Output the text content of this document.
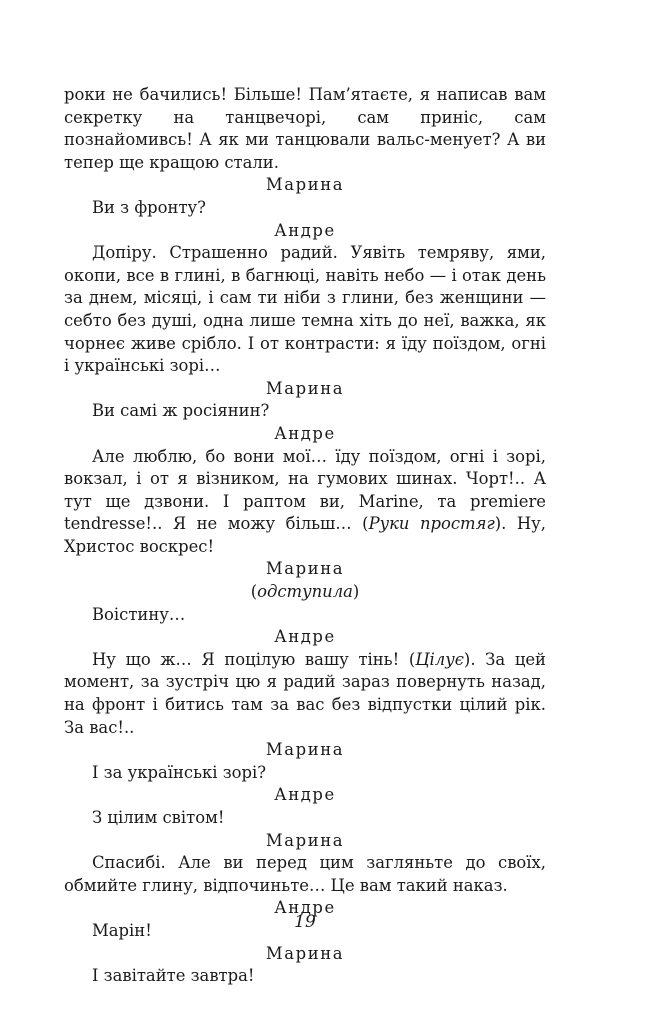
роки не бачились! Більше! Пам’ятаєте, я написав вам секретку на танцвечорі, сам приніс, сам познайомивсь! А як ми танцювали вальс-менует? А ви тепер ще кращою стали.

Марина

Ви з фронту?

Андре

Допіру. Страшенно радий. Уявіть темряву, ями, окопи, все в глині, в багнюці, навіть небо — і отак день за днем, місяці, і сам ти ніби з глини, без женщини — себто без душі, одна лише темна хіть до неї, важка, як чорнеє живе срібло. І от контрасти: я їду поїздом, огні і українські зорі…

Марина

Ви самі ж росіянин?

Андре

Але люблю, бо вони мої… їду поїздом, огні і зорі, вокзал, і от я візником, на гумових шинах. Чорт!.. А тут ще дзвони. І раптом ви, Marine, та premiere tendresse!.. Я не можу більш… (Руки простяг). Ну, Христос воскрес!

Марина

(одступила)

Воістину…

Андре

Ну що ж… Я поцілую вашу тінь! (Цілує). За цей момент, за зустріч цю я радий зараз повернуть назад, на фронт і битись там за вас без відпустки цілий рік. За вас!..

Марина

І за українські зорі?

Андре

З цілим світом!

Марина

Спасибі. Але ви перед цим загляньте до своїх, обмийте глину, відпочиньте… Це вам такий наказ.

Андре

Марін!

Марина

І завітайте завтра!

19
